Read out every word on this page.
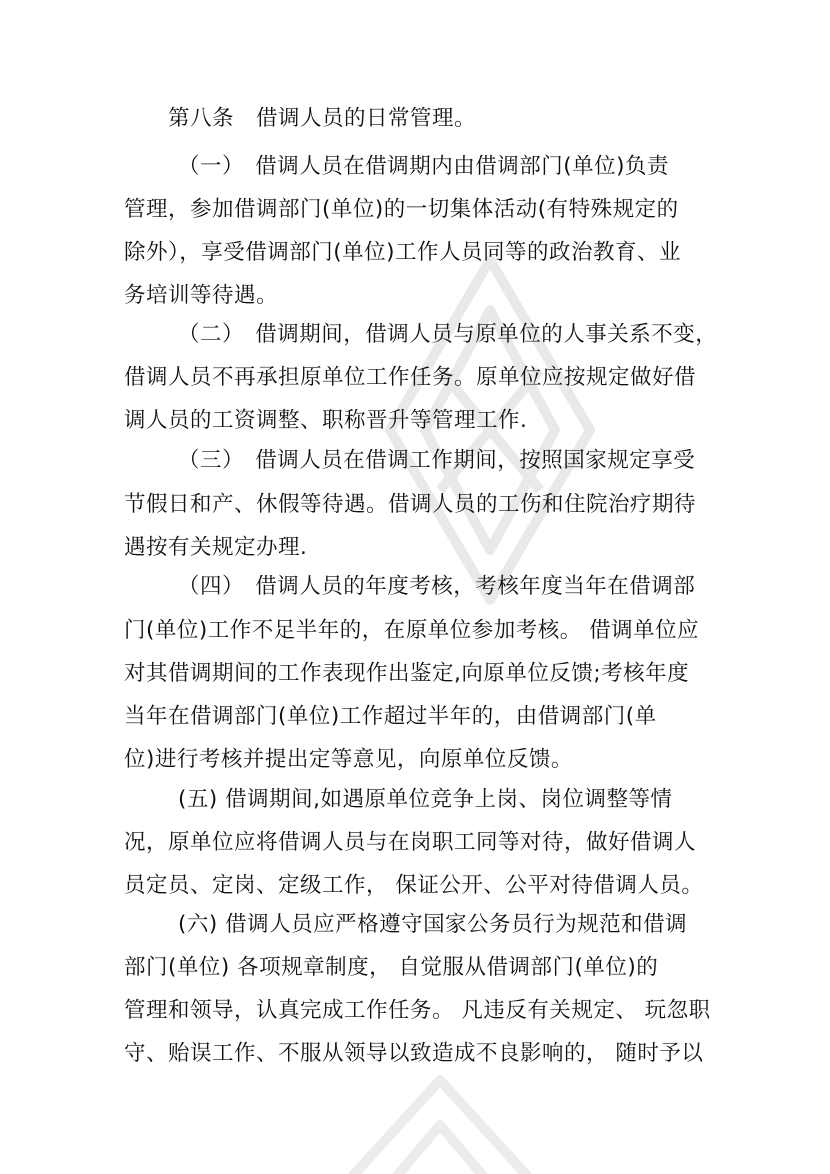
第八条　借调人员的日常管理。
（一）　借调人员在借调期内由借调部门(单位)负责
管理，参加借调部门(单位)的一切集体活动(有特殊规定的
除外），享受借调部门(单位)工作人员同等的政治教育、业
务培训等待遇。
（二）　借调期间，借调人员与原单位的人事关系不变，
借调人员不再承担原单位工作任务。原单位应按规定做好借
调人员的工资调整、职称晋升等管理工作.
（三）　借调人员在借调工作期间，按照国家规定享受
节假日和产、休假等待遇。借调人员的工伤和住院治疗期待
遇按有关规定办理.
（四）　借调人员的年度考核，考核年度当年在借调部
门(单位)工作不足半年的，在原单位参加考核。 借调单位应
对其借调期间的工作表现作出鉴定,向原单位反馈;考核年度
当年在借调部门(单位)工作超过半年的，由借调部门(单
位)进行考核并提出定等意见，向原单位反馈。
(五) 借调期间,如遇原单位竞争上岗、岗位调整等情
况，原单位应将借调人员与在岗职工同等对待，做好借调人
员定员、定岗、定级工作， 保证公开、公平对待借调人员。
(六) 借调人员应严格遵守国家公务员行为规范和借调
部门(单位) 各项规章制度， 自觉服从借调部门(单位)的
管理和领导，认真完成工作任务。 凡违反有关规定、 玩忽职
守、贻误工作、不服从领导以致造成不良影响的， 随时予以
